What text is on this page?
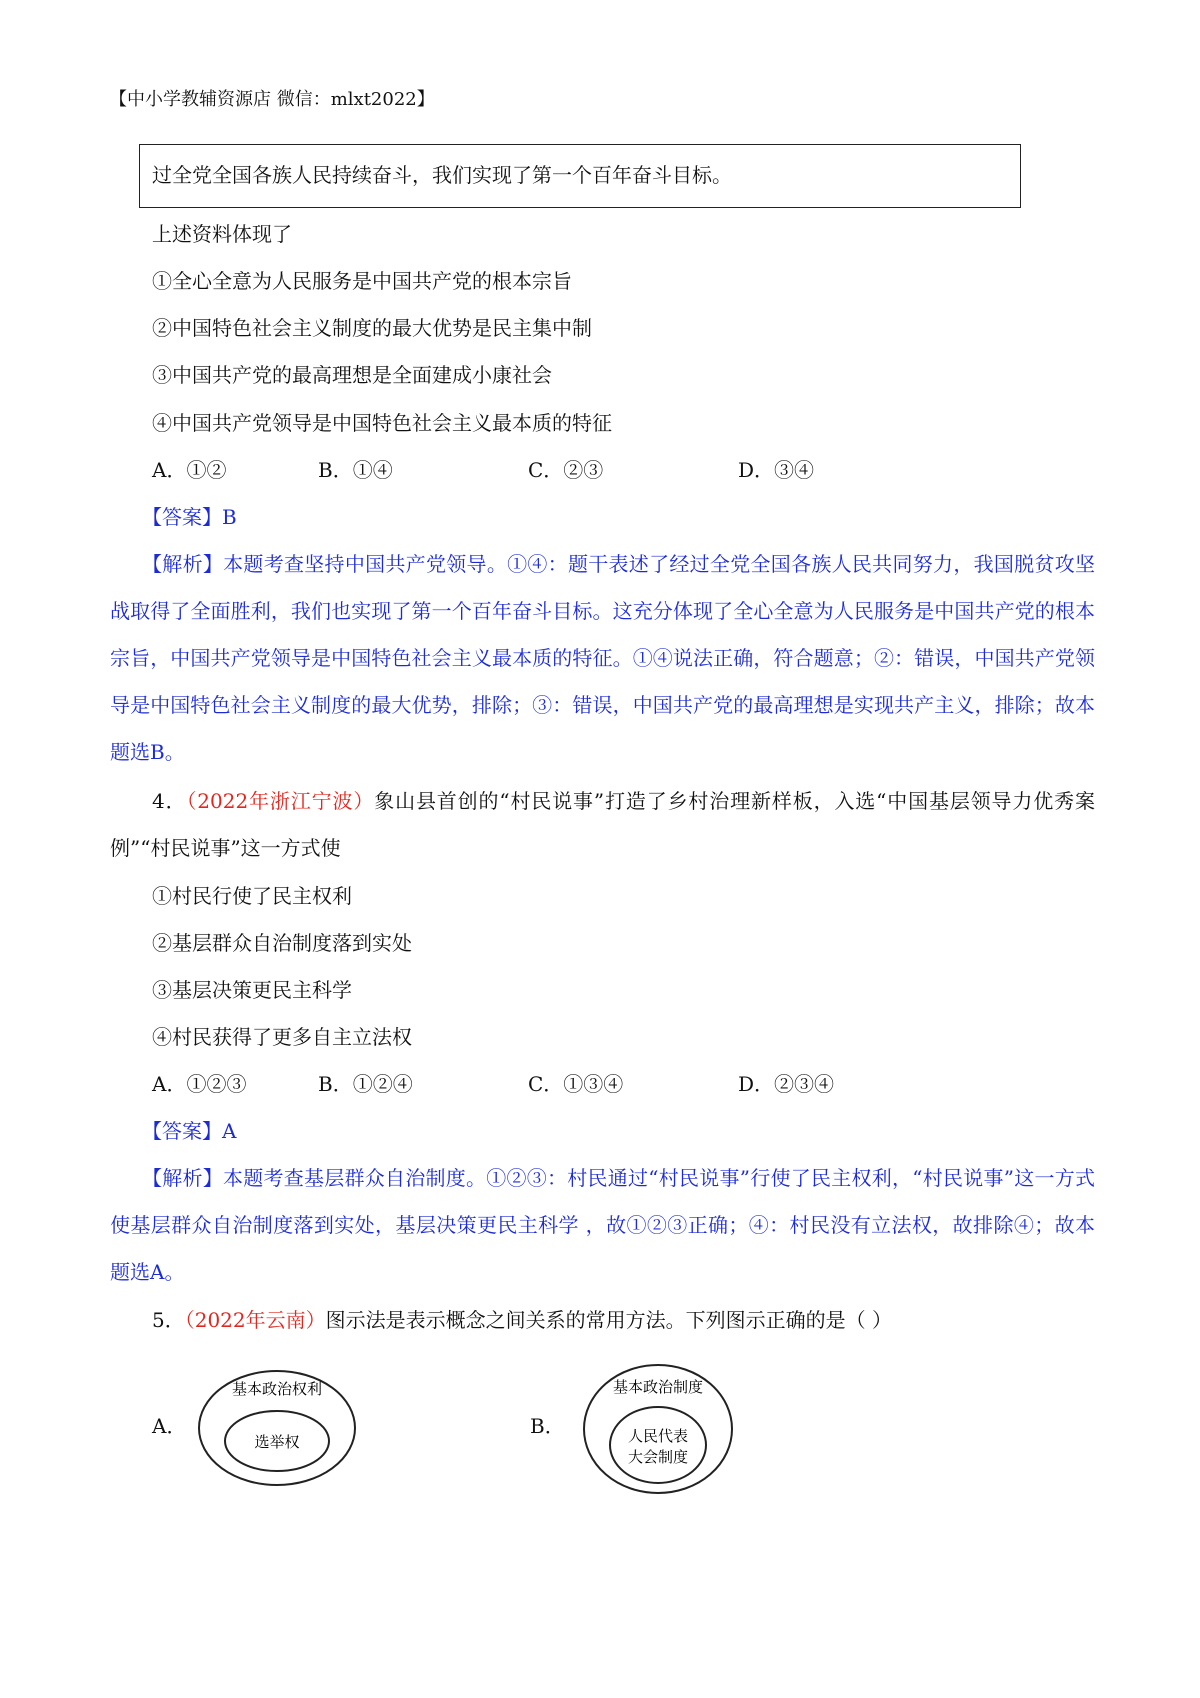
【中小学教辅资源店 微信：mlxt2022】
过全党全国各族人民持续奋斗，我们实现了第一个百年奋斗目标。
上述资料体现了
①全心全意为人民服务是中国共产党的根本宗旨
②中国特色社会主义制度的最大优势是民主集中制
③中国共产党的最高理想是全面建成小康社会
④中国共产党领导是中国特色社会主义最本质的特征
A．①②	B．①④	C．②③	D．③④
【答案】B
【解析】本题考查坚持中国共产党领导。①④：题干表述了经过全党全国各族人民共同努力，我国脱贫攻坚战取得了全面胜利，我们也实现了第一个百年奋斗目标。这充分体现了全心全意为人民服务是中国共产党的根本宗旨，中国共产党领导是中国特色社会主义最本质的特征。①④说法正确，符合题意；②：错误，中国共产党领导是中国特色社会主义制度的最大优势，排除；③：错误，中国共产党的最高理想是实现共产主义，排除；故本题选B。
4．（2022年浙江宁波）象山县首创的“村民说事”打造了乡村治理新样板，入选“中国基层领导力优秀案例”“村民说事”这一方式使
①村民行使了民主权利
②基层群众自治制度落到实处
③基层决策更民主科学
④村民获得了更多自主立法权
A．①②③	B．①②④	C．①③④	D．②③④
【答案】A
【解析】本题考查基层群众自治制度。①②③：村民通过“村民说事”行使了民主权利，“村民说事”这一方式使基层群众自治制度落到实处，基层决策更民主科学 ，故①②③正确；④：村民没有立法权，故排除④；故本题选A。
5．（2022年云南）图示法是表示概念之间关系的常用方法。下列图示正确的是（ ）
A．
基本政治权利
选举权
B．
基本政治制度
人民代表
大会制度
